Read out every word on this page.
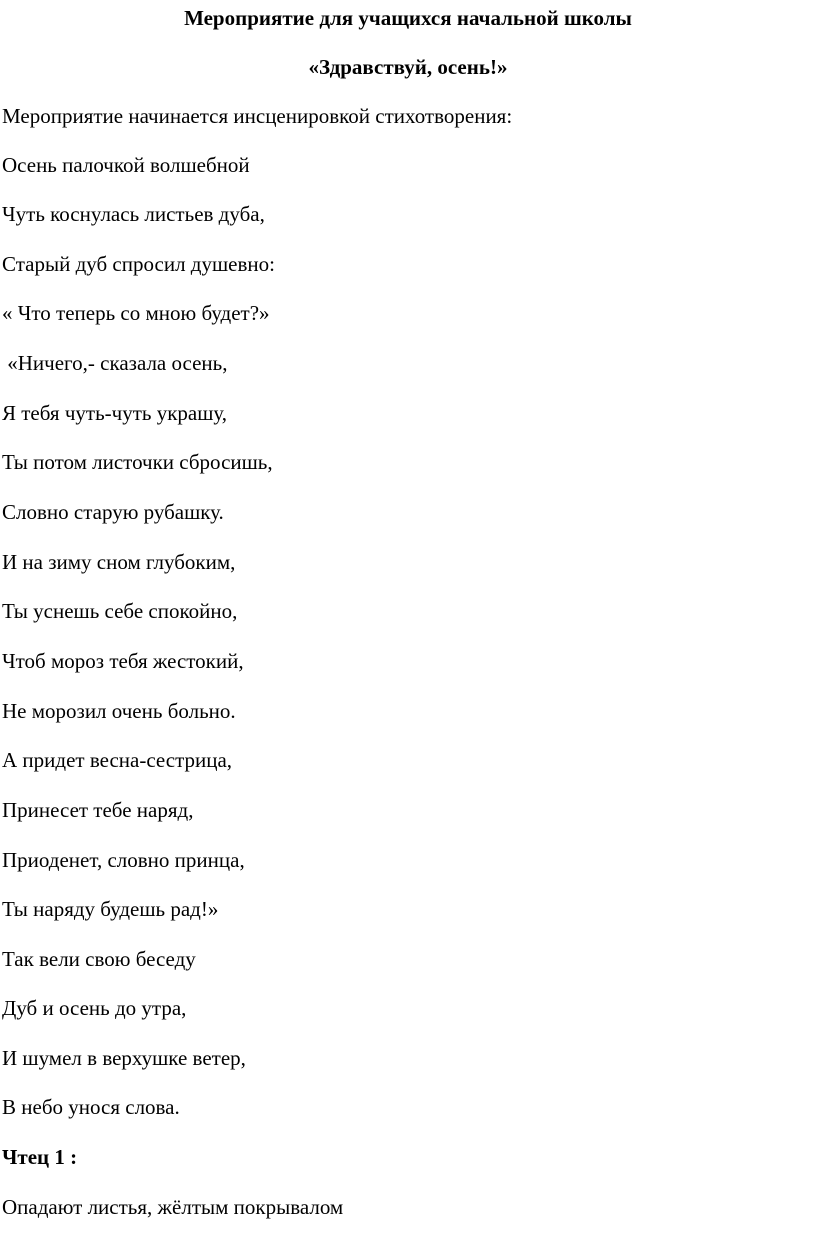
Мероприятие для учащихся начальной школы
«Здравствуй, осень!»
Мероприятие начинается инсценировкой стихотворения:
Осень палочкой волшебной
Чуть коснулась листьев дуба,
Старый дуб спросил душевно:
« Что теперь со мною будет?»
«Ничего,- сказала осень,
Я тебя чуть-чуть украшу,
Ты потом листочки сбросишь,
Словно старую рубашку.
И на зиму сном глубоким,
Ты уснешь себе спокойно,
Чтоб мороз тебя жестокий,
Не морозил очень больно.
А придет весна-сестрица,
Принесет тебе наряд,
Приоденет, словно принца,
Ты наряду будешь рад!»
Так вели свою беседу
Дуб и осень до утра,
И шумел в верхушке ветер,
В небо унося слова.
Чтец 1 :
Опадают листья, жёлтым покрывалом
